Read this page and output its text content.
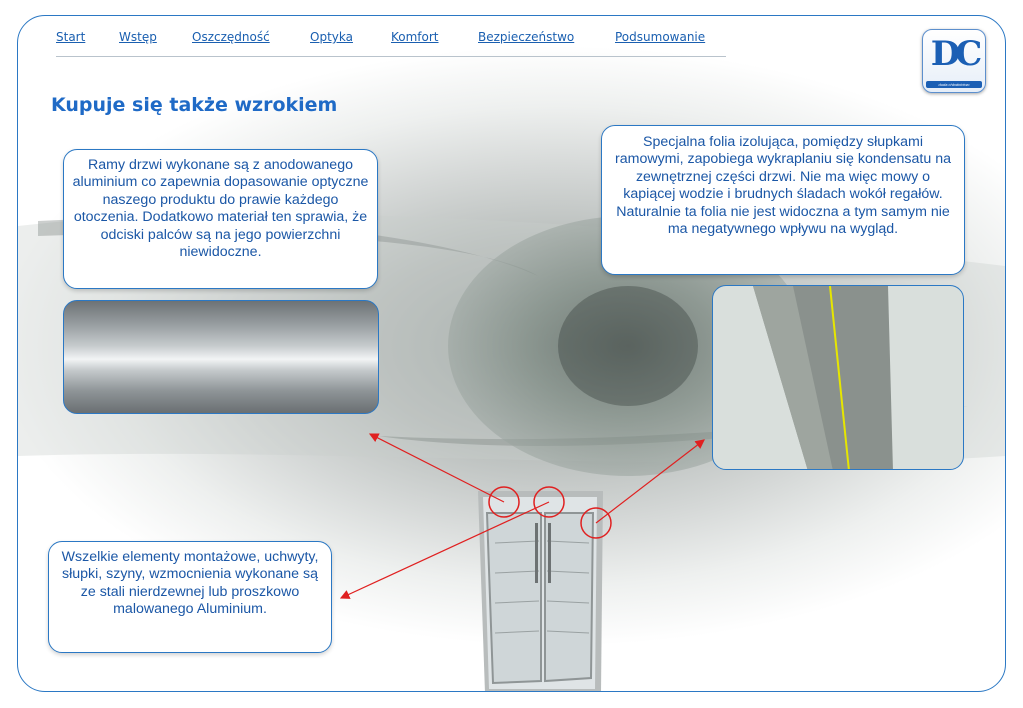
Start	Wstęp	Oszczędność	Optyka	Komfort	Bezpieczeństwo	Podsumowanie	DC
duda chłodnictwo
Kupuje się także wzrokiem
Ramy drzwi wykonane są z anodowanego aluminium co zapewnia dopasowanie optyczne naszego produktu do prawie każdego otoczenia. Dodatkowo materiał ten sprawia, że odciski palców są na jego powierzchni niewidoczne.
Specjalna folia izolująca, pomiędzy słupkami ramowymi, zapobiega wykraplaniu się kondensatu na zewnętrznej części drzwi. Nie ma więc mowy o kapiącej wodzie i brudnych śladach wokół regałów. Naturalnie ta folia nie jest widoczna a tym samym nie ma negatywnego wpływu na wygląd.
Wszelkie elementy montażowe, uchwyty, słupki, szyny, wzmocnienia wykonane są ze stali nierdzewnej lub proszkowo malowanego Aluminium.
